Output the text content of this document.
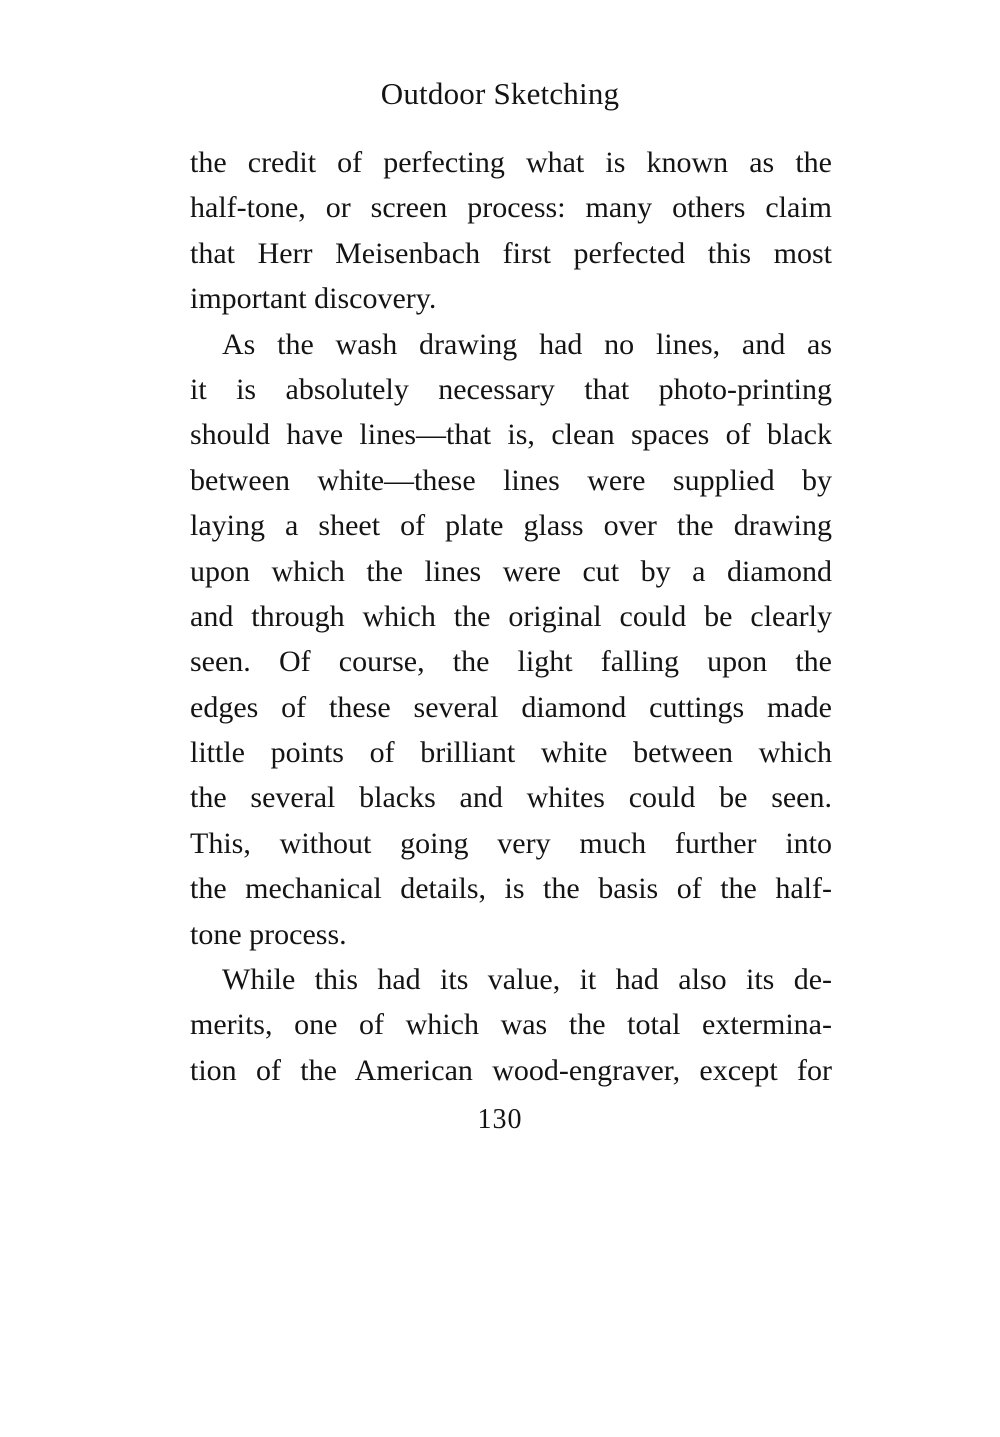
Outdoor Sketching
the credit of perfecting what is known as the
half-tone, or screen process: many others claim
that Herr Meisenbach first perfected this most
important discovery.
As the wash drawing had no lines, and as
it is absolutely necessary that photo-printing
should have lines—that is, clean spaces of black
between white—these lines were supplied by
laying a sheet of plate glass over the drawing
upon which the lines were cut by a diamond
and through which the original could be clearly
seen. Of course, the light falling upon the
edges of these several diamond cuttings made
little points of brilliant white between which
the several blacks and whites could be seen.
This, without going very much further into
the mechanical details, is the basis of the half-
tone process.
While this had its value, it had also its de-
merits, one of which was the total extermina-
tion of the American wood-engraver, except for
130
